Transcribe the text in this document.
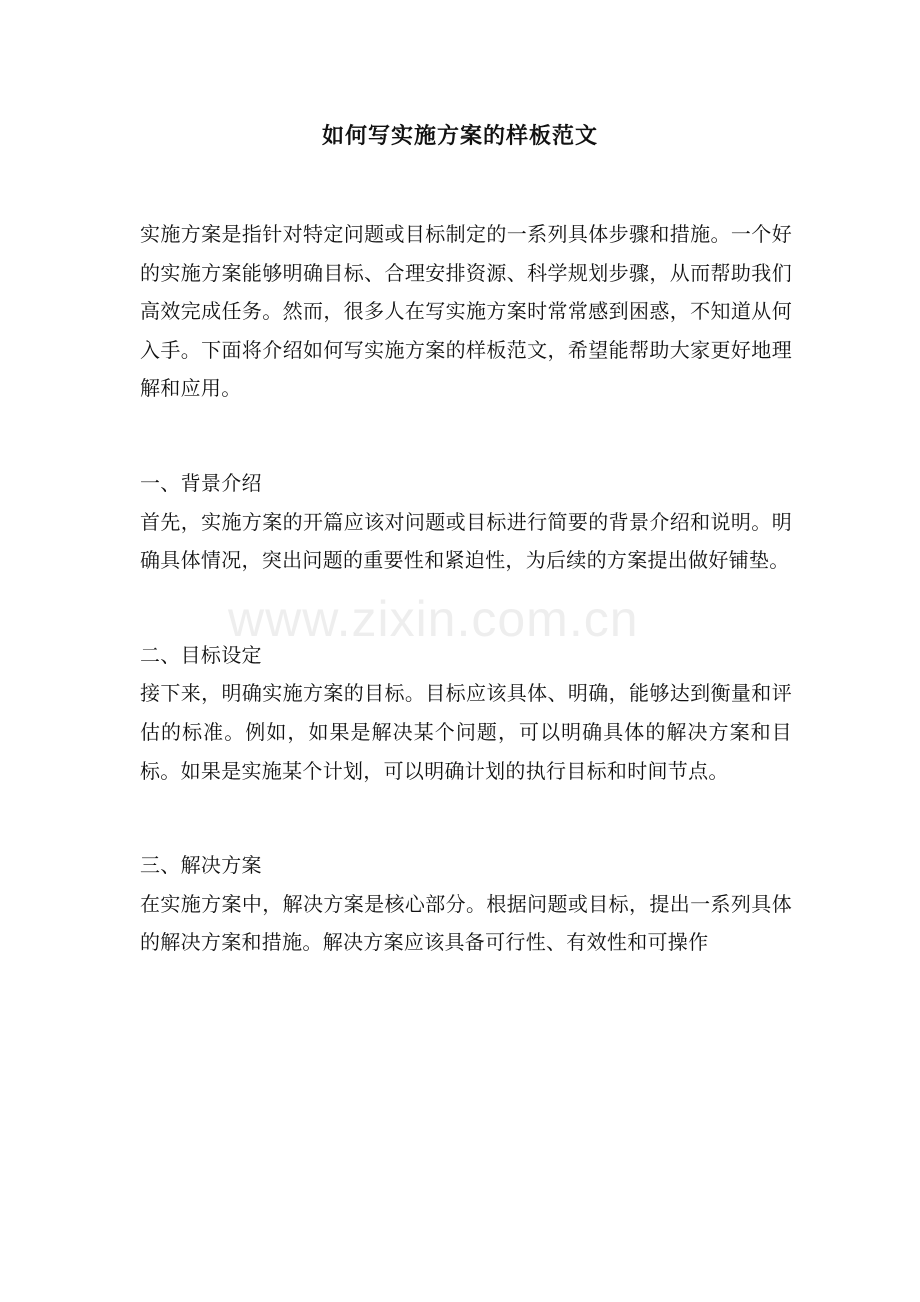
如何写实施方案的样板范文

实施方案是指针对特定问题或目标制定的一系列具体步骤和措施。一个好的实施方案能够明确目标、合理安排资源、科学规划步骤，从而帮助我们高效完成任务。然而，很多人在写实施方案时常常感到困惑，不知道从何入手。下面将介绍如何写实施方案的样板范文，希望能帮助大家更好地理解和应用。

一、背景介绍

首先，实施方案的开篇应该对问题或目标进行简要的背景介绍和说明。明确具体情况，突出问题的重要性和紧迫性，为后续的方案提出做好铺垫。

二、目标设定

接下来，明确实施方案的目标。目标应该具体、明确，能够达到衡量和评估的标准。例如，如果是解决某个问题，可以明确具体的解决方案和目标。如果是实施某个计划，可以明确计划的执行目标和时间节点。

三、解决方案

在实施方案中，解决方案是核心部分。根据问题或目标，提出一系列具体的解决方案和措施。解决方案应该具备可行性、有效性和可操作

www.zixin.com.cn
